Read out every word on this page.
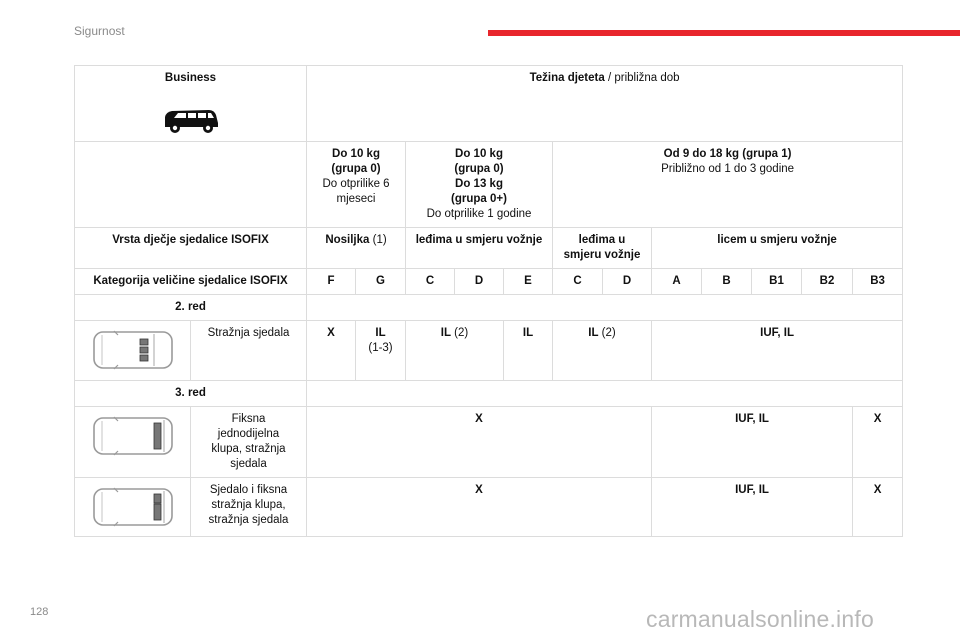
Sigurnost
Business		Težina djeteta / približna dob											

		Do 10 kg
(grupa 0)
Do otprilike 6
mjeseci		Do 10 kg
(grupa 0)
Do 13 kg
(grupa 0+)
Do otprilike 1 godine			Od 9 do 18 kg (grupa 1)
Približno od 1 do 3 godine						

Vrsta dječje sjedalice ISOFIX		Nosiljka (1)		leđima u smjeru vožnje			leđima u
smjeru vožnje		licem u smjeru vožnje				
Kategorija veličine sjedalice ISOFIX		F	G	C	D	E	C	D	A	B	B1	B2	B3
2. red													

	Stražnja sjedala	X	IL
(1-3)	IL (2)		IL	IL (2)		IUF, IL				
3. red													

Fiksna
jednodijelna
klupa, stražnja
sjedala	X							IUF, IL				X

Sjedalo i fiksna
stražnja klupa,
stražnja sjedala	X							IUF, IL				X
128	carmanualsonline.info
